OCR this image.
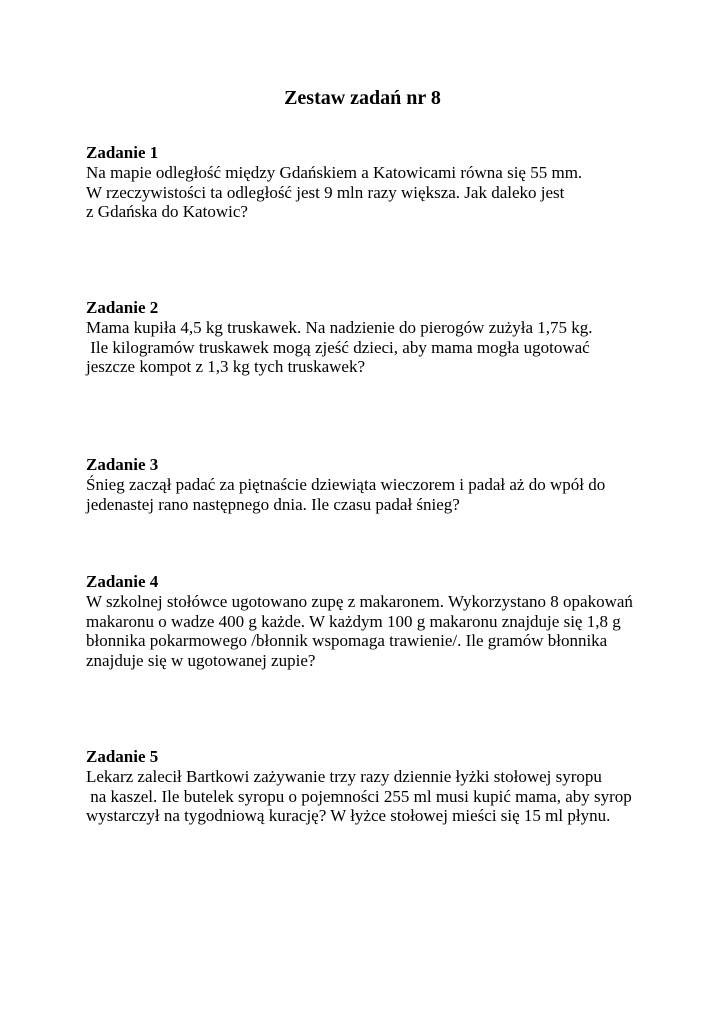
Zestaw zadań nr 8

Zadanie 1

Na mapie odległość między Gdańskiem a Katowicami równa się 55 mm.

W rzeczywistości ta odległość jest 9 mln razy większa. Jak daleko jest

z Gdańska do Katowic?

Zadanie 2

Mama kupiła 4,5 kg truskawek. Na nadzienie do pierogów zużyła 1,75 kg.

Ile kilogramów truskawek mogą zjeść dzieci, aby mama mogła ugotować

jeszcze kompot z 1,3 kg tych truskawek?

Zadanie 3

Śnieg zaczął padać za piętnaście dziewiąta wieczorem i padał aż do wpół do

jedenastej rano następnego dnia. Ile czasu padał śnieg?

Zadanie 4

W szkolnej stołówce ugotowano zupę z makaronem. Wykorzystano 8 opakowań

makaronu o wadze 400 g każde. W każdym 100 g makaronu znajduje się 1,8 g

błonnika pokarmowego /błonnik wspomaga trawienie/. Ile gramów błonnika

znajduje się w ugotowanej zupie?

Zadanie 5

Lekarz zalecił Bartkowi zażywanie trzy razy dziennie łyżki stołowej syropu

na kaszel. Ile butelek syropu o pojemności 255 ml musi kupić mama, aby syrop

wystarczył na tygodniową kurację? W łyżce stołowej mieści się 15 ml płynu.
